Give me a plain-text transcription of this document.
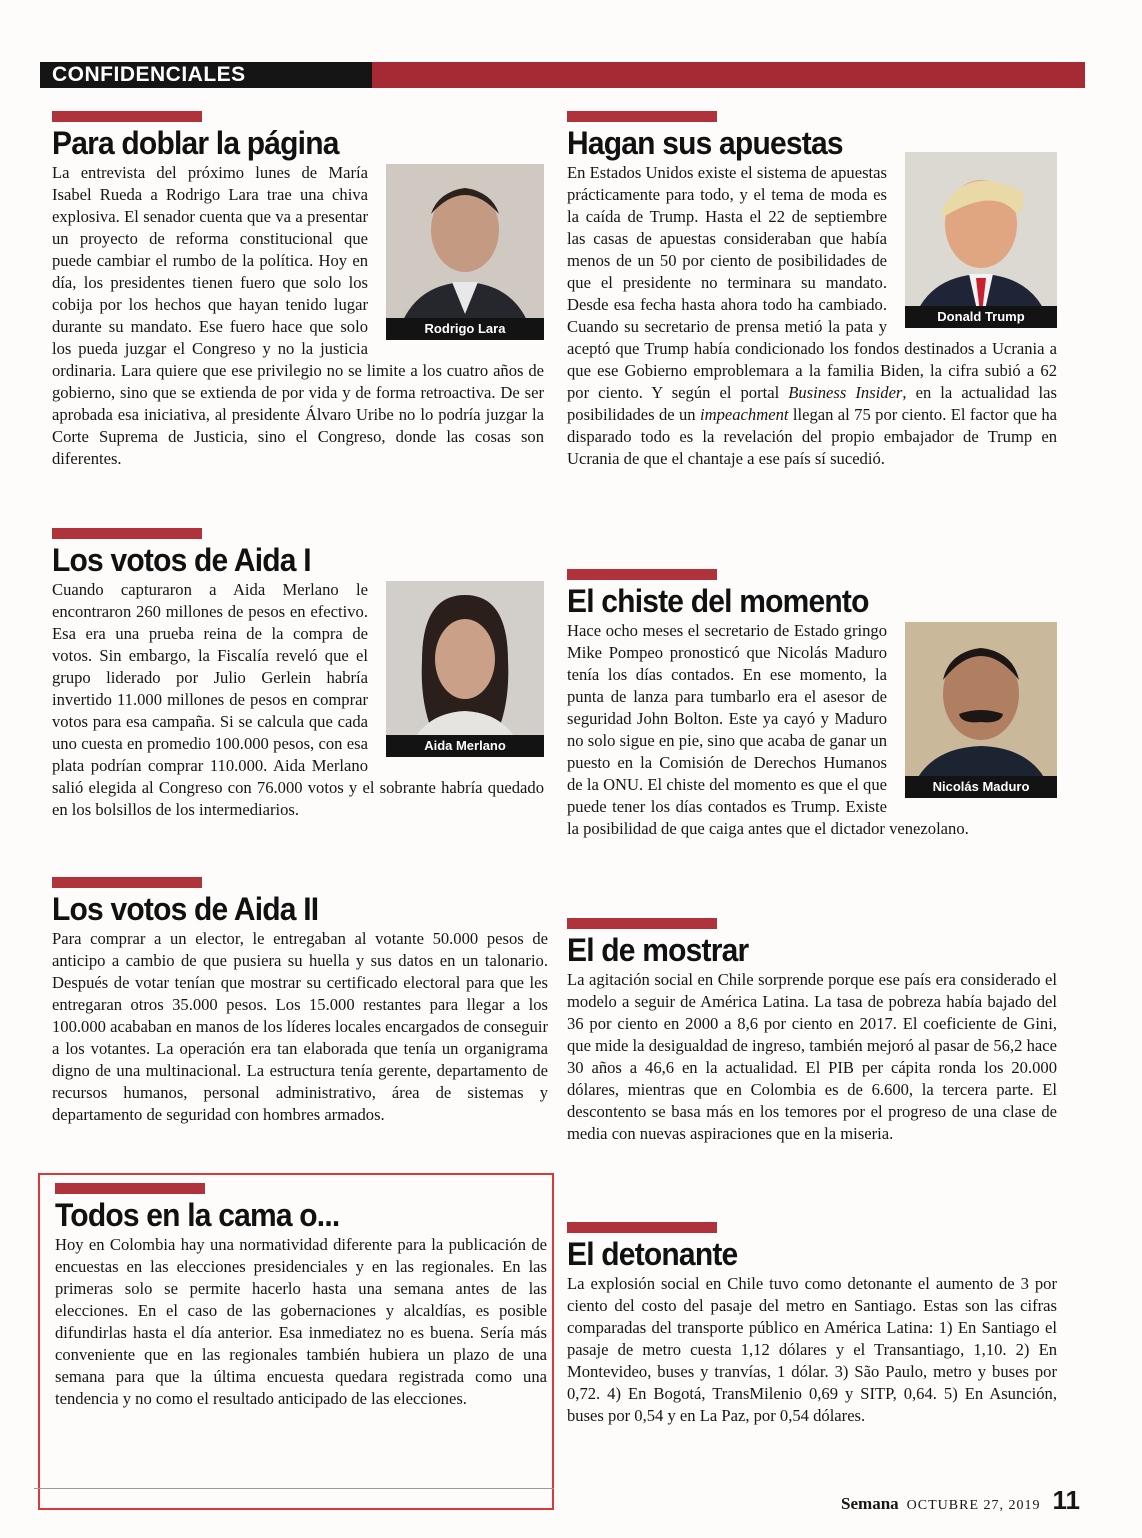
CONFIDENCIALES
Para doblar la página
Rodrigo Lara
La entrevista del próximo lunes de María Isabel Rueda a Rodrigo Lara trae una chiva explosiva. El senador cuenta que va a presentar un proyecto de reforma constitucional que puede cambiar el rumbo de la política. Hoy en día, los presidentes tienen fuero que solo los cobija por los hechos que hayan tenido lugar durante su mandato. Ese fuero hace que solo los pueda juzgar el Congreso y no la justicia ordinaria. Lara quiere que ese privilegio no se limite a los cuatro años de gobierno, sino que se extienda de por vida y de forma retroactiva. De ser aprobada esa iniciativa, al presidente Álvaro Uribe no lo podría juzgar la Corte Suprema de Justicia, sino el Congreso, donde las cosas son diferentes.
Hagan sus apuestas
Donald Trump
En Estados Unidos existe el sistema de apuestas prácticamente para todo, y el tema de moda es la caída de Trump. Hasta el 22 de septiembre las casas de apuestas consideraban que había menos de un 50 por ciento de posibilidades de que el presidente no terminara su mandato. Desde esa fecha hasta ahora todo ha cambiado. Cuando su secretario de prensa metió la pata y aceptó que Trump había condicionado los fondos destinados a Ucrania a que ese Gobierno emproblemara a la familia Biden, la cifra subió a 62 por ciento. Y según el portal Business Insider, en la actualidad las posibilidades de un impeachment llegan al 75 por ciento. El factor que ha disparado todo es la revelación del propio embajador de Trump en Ucrania de que el chantaje a ese país sí sucedió.
Los votos de Aida I
Aida Merlano
Cuando capturaron a Aida Merlano le encontraron 260 millones de pesos en efectivo. Esa era una prueba reina de la compra de votos. Sin embargo, la Fiscalía reveló que el grupo liderado por Julio Gerlein habría invertido 11.000 millones de pesos en comprar votos para esa campaña. Si se calcula que cada uno cuesta en promedio 100.000 pesos, con esa plata podrían comprar 110.000. Aida Merlano salió elegida al Congreso con 76.000 votos y el sobrante habría quedado en los bolsillos de los intermediarios.
El chiste del momento
Nicolás Maduro
Hace ocho meses el secretario de Estado gringo Mike Pompeo pronosticó que Nicolás Maduro tenía los días contados. En ese momento, la punta de lanza para tumbarlo era el asesor de seguridad John Bolton. Este ya cayó y Maduro no solo sigue en pie, sino que acaba de ganar un puesto en la Comisión de Derechos Humanos de la ONU. El chiste del momento es que el que puede tener los días contados es Trump. Existe la posibilidad de que caiga antes que el dictador venezolano.
Los votos de Aida II
Para comprar a un elector, le entregaban al votante 50.000 pesos de anticipo a cambio de que pusiera su huella y sus datos en un talonario. Después de votar tenían que mostrar su certificado electoral para que les entregaran otros 35.000 pesos. Los 15.000 restantes para llegar a los 100.000 acababan en manos de los líderes locales encargados de conseguir a los votantes. La operación era tan elaborada que tenía un organigrama digno de una multinacional. La estructura tenía gerente, departamento de recursos humanos, personal administrativo, área de sistemas y departamento de seguridad con hombres armados.
El de mostrar
La agitación social en Chile sorprende porque ese país era considerado el modelo a seguir de América Latina. La tasa de pobreza había bajado del 36 por ciento en 2000 a 8,6 por ciento en 2017. El coeficiente de Gini, que mide la desigualdad de ingreso, también mejoró al pasar de 56,2 hace 30 años a 46,6 en la actualidad. El PIB per cápita ronda los 20.000 dólares, mientras que en Colombia es de 6.600, la tercera parte. El descontento se basa más en los temores por el progreso de una clase de media con nuevas aspiraciones que en la miseria.
Todos en la cama o...
Hoy en Colombia hay una normatividad diferente para la publicación de encuestas en las elecciones presidenciales y en las regionales. En las primeras solo se permite hacerlo hasta una semana antes de las elecciones. En el caso de las gobernaciones y alcaldías, es posible difundirlas hasta el día anterior. Esa inmediatez no es buena. Sería más conveniente que en las regionales también hubiera un plazo de una semana para que la última encuesta quedara registrada como una tendencia y no como el resultado anticipado de las elecciones.
El detonante
La explosión social en Chile tuvo como detonante el aumento de 3 por ciento del costo del pasaje del metro en Santiago. Estas son las cifras comparadas del transporte público en América Latina: 1) En Santiago el pasaje de metro cuesta 1,12 dólares y el Transantiago, 1,10. 2) En Montevideo, buses y tranvías, 1 dólar. 3) São Paulo, metro y buses por 0,72. 4) En Bogotá, TransMilenio 0,69 y SITP, 0,64. 5) En Asunción, buses por 0,54 y en La Paz, por 0,54 dólares.
Semana OCTUBRE 27, 2019 11
